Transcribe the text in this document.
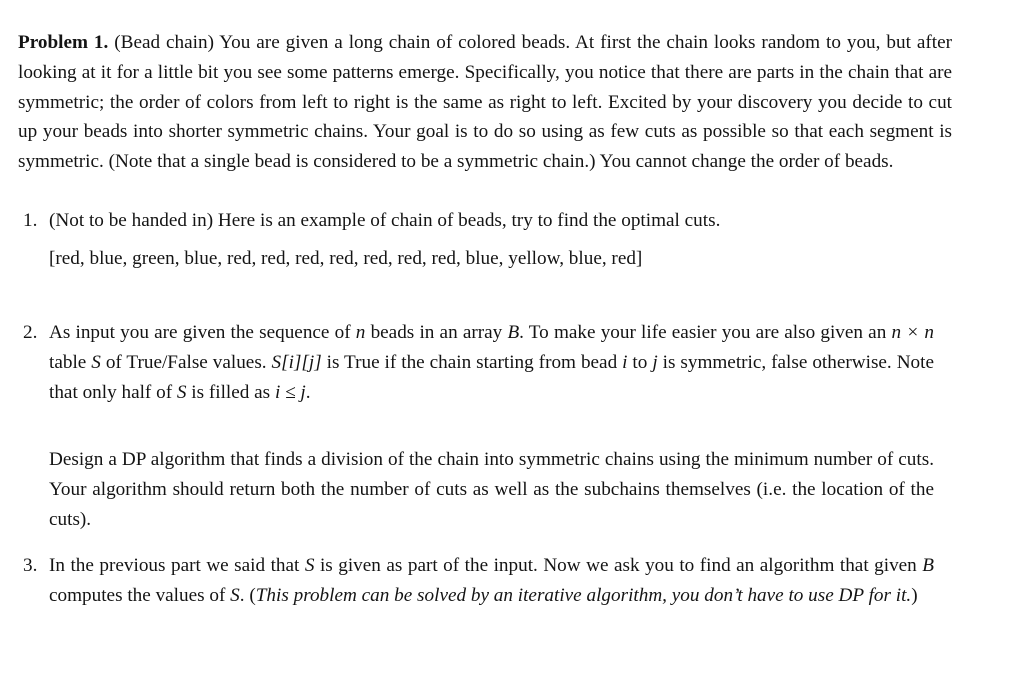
Problem 1. (Bead chain) You are given a long chain of colored beads. At first the chain looks random to you, but after looking at it for a little bit you see some patterns emerge. Specifically, you notice that there are parts in the chain that are symmetric; the order of colors from left to right is the same as right to left. Excited by your discovery you decide to cut up your beads into shorter symmetric chains. Your goal is to do so using as few cuts as possible so that each segment is symmetric. (Note that a single bead is considered to be a symmetric chain.) You cannot change the order of beads.

1. (Not to be handed in) Here is an example of chain of beads, try to find the optimal cuts.

[red, blue, green, blue, red, red, red, red, red, red, red, blue, yellow, blue, red]

2. As input you are given the sequence of n beads in an array B. To make your life easier you are also given an n × n table S of True/False values. S[i][j] is True if the chain starting from bead i to j is symmetric, false otherwise. Note that only half of S is filled as i ≤ j.

Design a DP algorithm that finds a division of the chain into symmetric chains using the minimum number of cuts. Your algorithm should return both the number of cuts as well as the subchains themselves (i.e. the location of the cuts).

3. In the previous part we said that S is given as part of the input. Now we ask you to find an algorithm that given B computes the values of S. (This problem can be solved by an iterative algorithm, you don’t have to use DP for it.)
